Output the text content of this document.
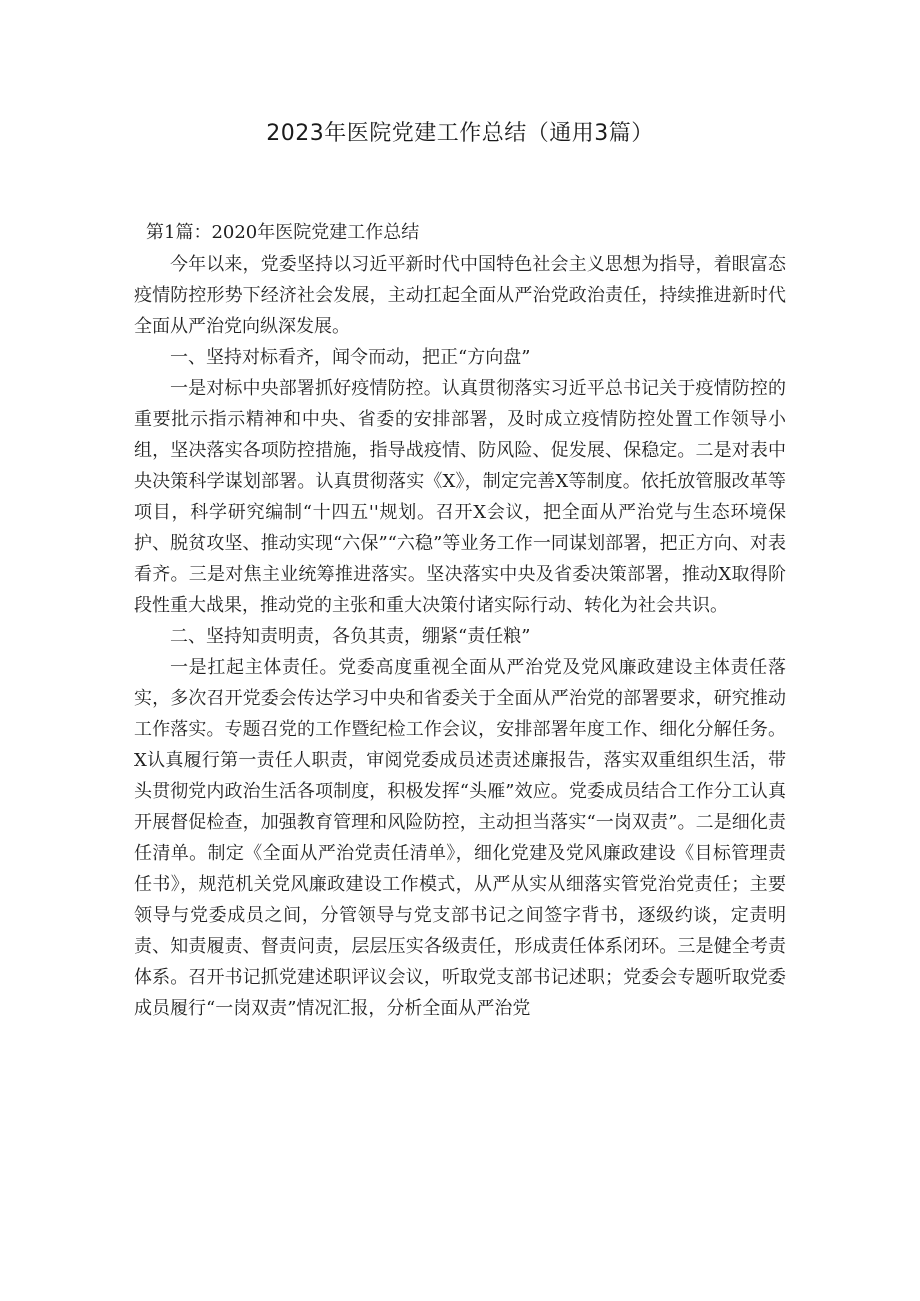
2023年医院党建工作总结（通用3篇）
第1篇：2020年医院党建工作总结

今年以来，党委坚持以习近平新时代中国特色社会主义思想为指导，着眼富态疫情防控形势下经济社会发展，主动扛起全面从严治党政治责任，持续推进新时代全面从严治党向纵深发展。

一、坚持对标看齐，闻令而动，把正“方向盘”

一是对标中央部署抓好疫情防控。认真贯彻落实习近平总书记关于疫情防控的重要批示指示精神和中央、省委的安排部署，及时成立疫情防控处置工作领导小组，坚决落实各项防控措施，指导战疫情、防风险、促发展、保稳定。二是对表中央决策科学谋划部署。认真贯彻落实《X》，制定完善X等制度。依托放管服改革等项目，科学研究编制“十四五''规划。召开X会议，把全面从严治党与生态环境保护、脱贫攻坚、推动实现“六保”“六稳”等业务工作一同谋划部署，把正方向、对表看齐。三是对焦主业统筹推进落实。坚决落实中央及省委决策部署，推动X取得阶段性重大战果，推动党的主张和重大决策付诸实际行动、转化为社会共识。

二、坚持知责明责，各负其责，绷紧“责任粮”

一是扛起主体责任。党委高度重视全面从严治党及党风廉政建设主体责任落实，多次召开党委会传达学习中央和省委关于全面从严治党的部署要求，研究推动工作落实。专题召党的工作暨纪检工作会议，安排部署年度工作、细化分解任务。X认真履行第一责任人职责，审阅党委成员述责述廉报告，落实双重组织生活，带头贯彻党内政治生活各项制度，积极发挥“头雁”效应。党委成员结合工作分工认真开展督促检查，加强教育管理和风险防控，主动担当落实“一岗双责”。二是细化责任清单。制定《全面从严治党责任清单》，细化党建及党风廉政建设《目标管理责任书》，规范机关党风廉政建设工作模式，从严从实从细落实管党治党责任；主要领导与党委成员之间，分管领导与党支部书记之间签字背书，逐级约谈，定责明责、知责履责、督责问责，层层压实各级责任，形成责任体系闭环。三是健全考责体系。召开书记抓党建述职评议会议，听取党支部书记述职；党委会专题听取党委成员履行“一岗双责”情况汇报，分析全面从严治党
